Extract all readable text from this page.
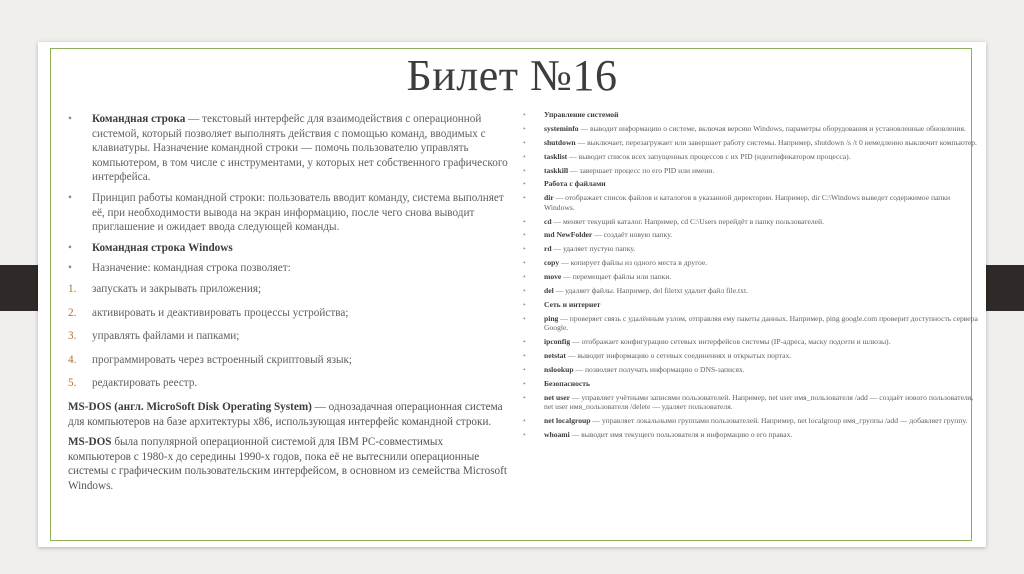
Билет №16
• Командная строка — текстовый интерфейс для взаимодействия с операционной системой, который позволяет выполнять действия с помощью команд, вводимых с клавиатуры. Назначение командной строки — помочь пользователю управлять компьютером, в том числе с инструментами, у которых нет собственного графического интерфейса.
• Принцип работы командной строки: пользователь вводит команду, система выполняет её, при необходимости вывода на экран информацию, после чего снова выводит приглашение и ожидает ввода следующей команды.
• Командная строка Windows
• Назначение: командная строка позволяет:
1. запускать и закрывать приложения;
2. активировать и деактивировать процессы устройства;
3. управлять файлами и папками;
4. программировать через встроенный скриптовый язык;
5. редактировать реестр.
MS-DOS (англ. MicroSoft Disk Operating System) — однозадачная операционная система для компьютеров на базе архитектуры x86, использующая интерфейс командной строки.
MS-DOS была популярной операционной системой для IBM PC-совместимых компьютеров с 1980-х до середины 1990-х годов, пока её не вытеснили операционные системы с графическим пользовательским интерфейсом, в основном из семейства Microsoft Windows.
• Управление системой
• systeminfo — выводит информацию о системе, включая версию Windows, параметры оборудования и установленные обновления.
• shutdown — выключает, перезагружает или завершает работу системы. Например, shutdown /s /t 0 немедленно выключит компьютер.
• tasklist — выводит список всех запущенных процессов с их PID (идентификатором процесса).
• taskkill — завершает процесс по его PID или имени.
• Работа с файлами
• dir — отображает список файлов и каталогов в указанной директории. Например, dir C:\Windows выведет содержимое папки Windows.
• cd — меняет текущий каталог. Например, cd C:\Users перейдёт в папку пользователей.
• md NewFolder — создаёт новую папку.
• rd — удаляет пустую папку.
• copy — копирует файлы из одного места в другое.
• move — перемещает файлы или папки.
• del — удаляет файлы. Например, del filetxt удалит файл file.txt.
• Сеть и интернет
• ping — проверяет связь с удалённым узлом, отправляя ему пакеты данных. Например, ping google.com проверит доступность сервера Google.
• ipconfig — отображает конфигурацию сетевых интерфейсов системы (IP-адреса, маску подсети и шлюзы).
• netstat — выводит информацию о сетевых соединениях и открытых портах.
• nslookup — позволяет получать информацию о DNS-записях.
• Безопасность
• net user — управляет учётными записями пользователей. Например, net user имя_пользователя /add — создаёт нового пользователя, net user имя_пользователя /delete — удаляет пользователя.
• net localgroup — управляет локальными группами пользователей. Например, net localgroup имя_группы /add — добавляет группу.
• whoami — выводит имя текущего пользователя и информацию о его правах.
